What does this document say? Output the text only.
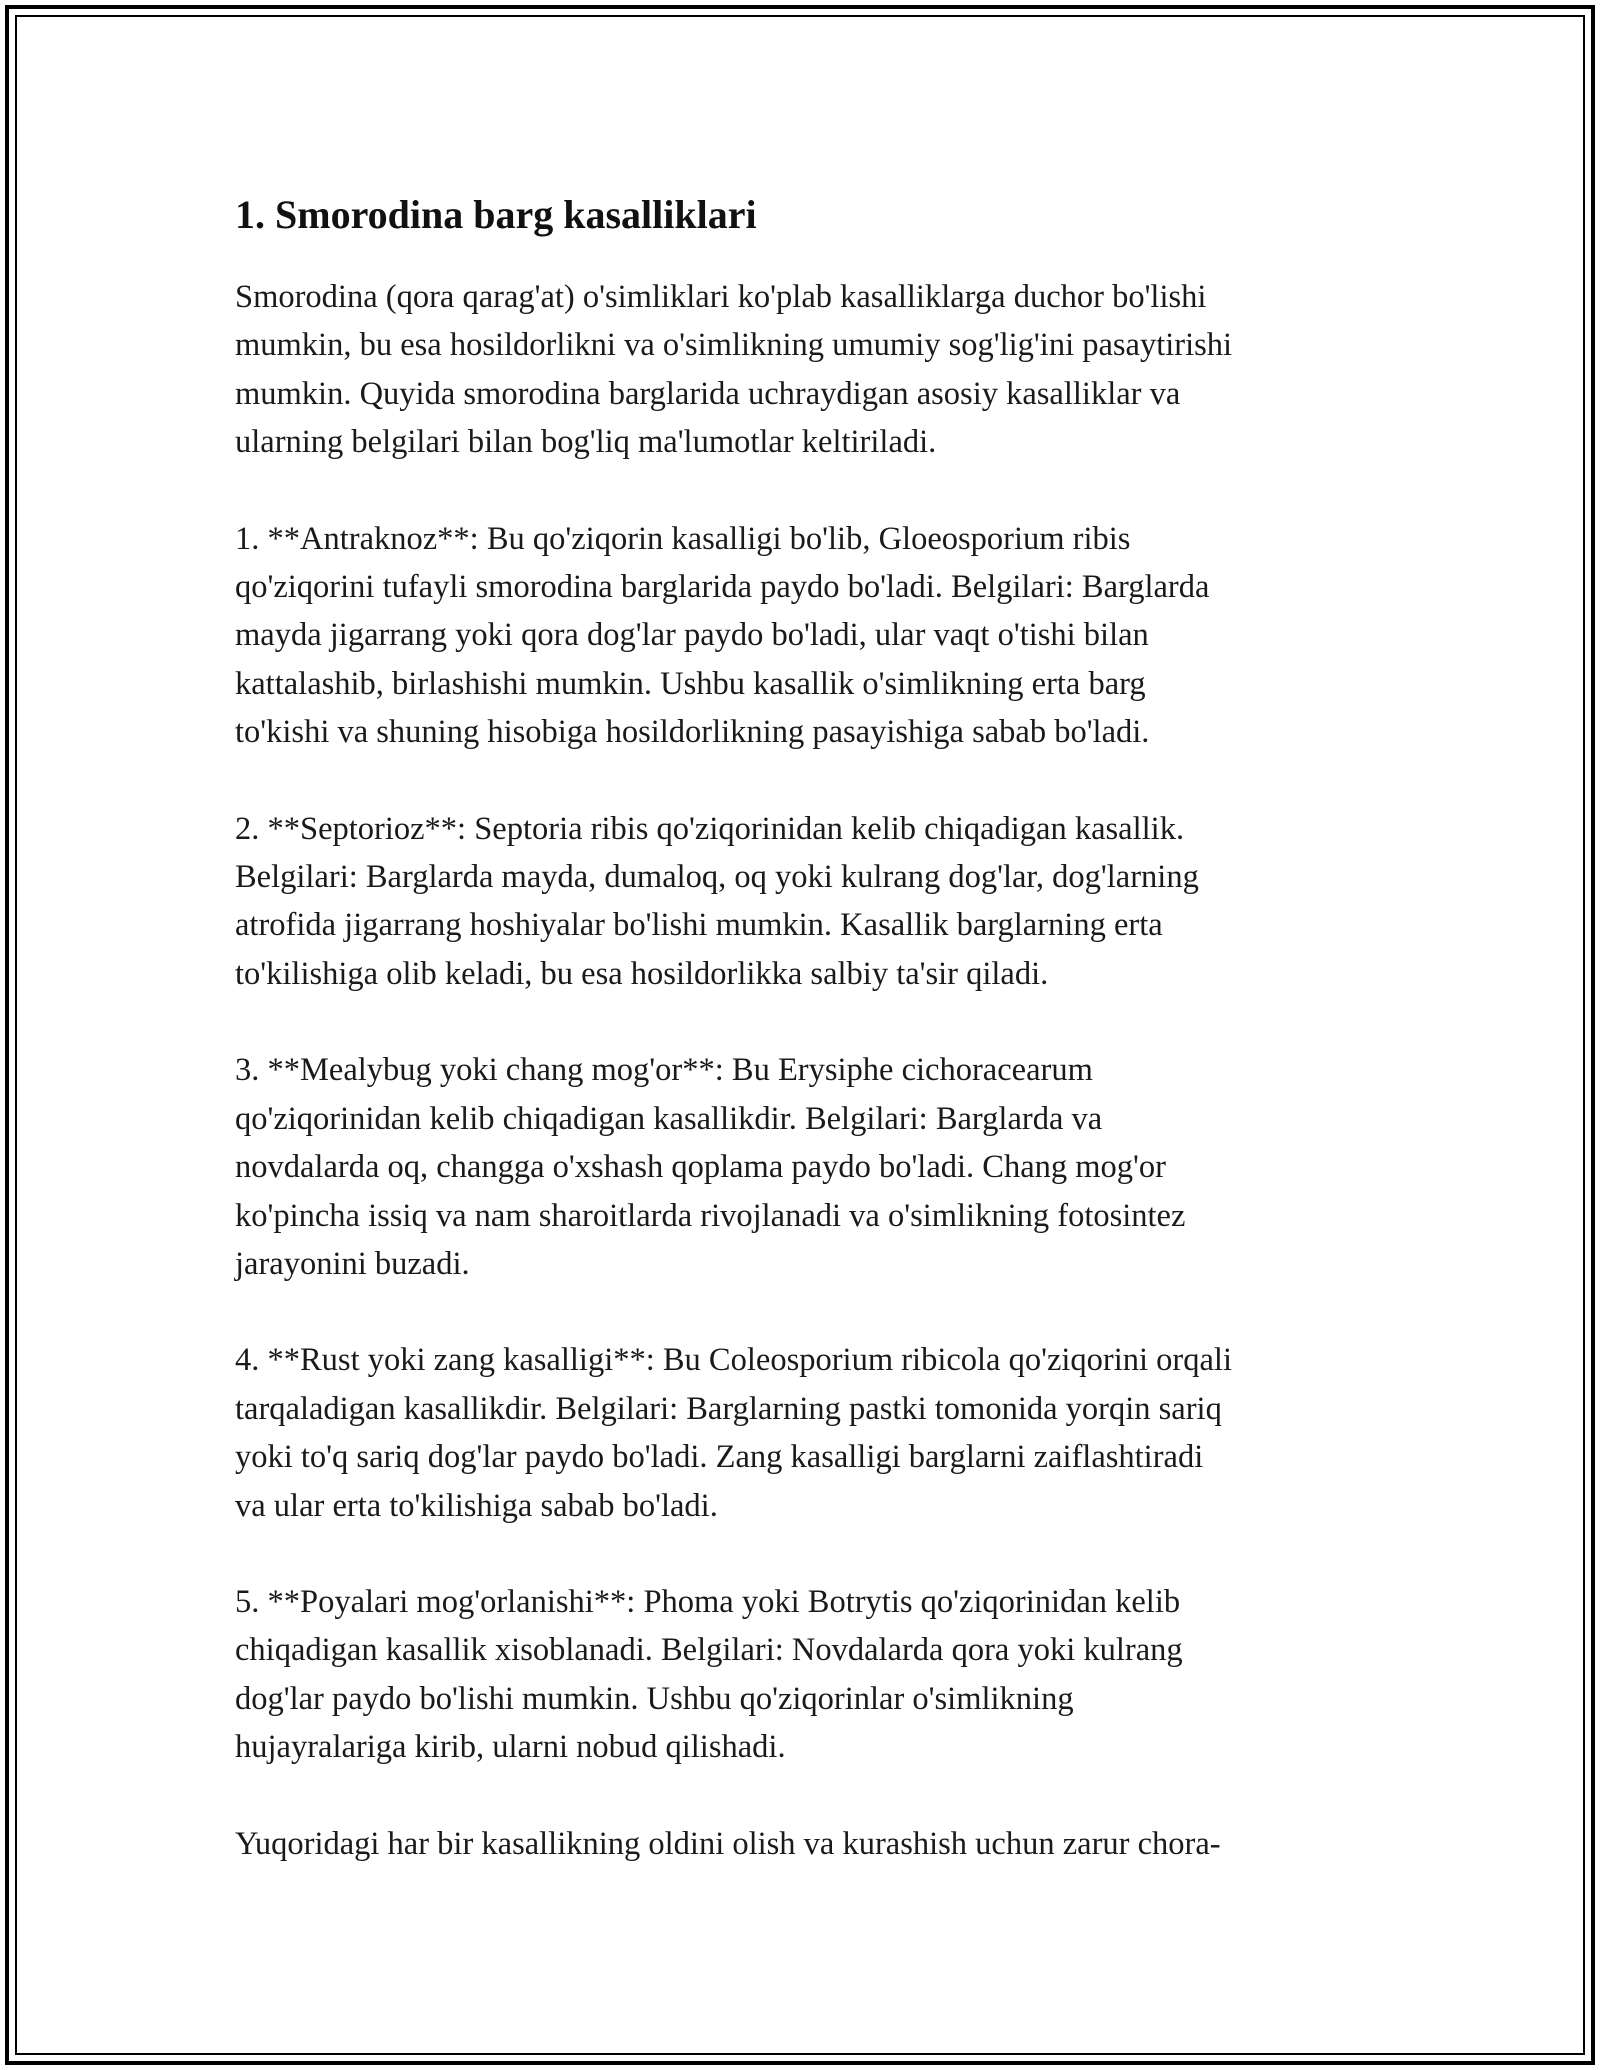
1. Smorodina barg kasalliklari

Smorodina (qora qarag'at) o'simliklari ko'plab kasalliklarga duchor bo'lishi
mumkin, bu esa hosildorlikni va o'simlikning umumiy sog'lig'ini pasaytirishi
mumkin. Quyida smorodina barglarida uchraydigan asosiy kasalliklar va
ularning belgilari bilan bog'liq ma'lumotlar keltiriladi.

1. **Antraknoz**: Bu qo'ziqorin kasalligi bo'lib, Gloeosporium ribis
qo'ziqorini tufayli smorodina barglarida paydo bo'ladi. Belgilari: Barglarda
mayda jigarrang yoki qora dog'lar paydo bo'ladi, ular vaqt o'tishi bilan
kattalashib, birlashishi mumkin. Ushbu kasallik o'simlikning erta barg
to'kishi va shuning hisobiga hosildorlikning pasayishiga sabab bo'ladi.

2. **Septorioz**: Septoria ribis qo'ziqorinidan kelib chiqadigan kasallik.
Belgilari: Barglarda mayda, dumaloq, oq yoki kulrang dog'lar, dog'larning
atrofida jigarrang hoshiyalar bo'lishi mumkin. Kasallik barglarning erta
to'kilishiga olib keladi, bu esa hosildorlikka salbiy ta'sir qiladi.

3. **Mealybug yoki chang mog'or**: Bu Erysiphe cichoracearum
qo'ziqorinidan kelib chiqadigan kasallikdir. Belgilari: Barglarda va
novdalarda oq, changga o'xshash qoplama paydo bo'ladi. Chang mog'or
ko'pincha issiq va nam sharoitlarda rivojlanadi va o'simlikning fotosintez
jarayonini buzadi.

4. **Rust yoki zang kasalligi**: Bu Coleosporium ribicola qo'ziqorini orqali
tarqaladigan kasallikdir. Belgilari: Barglarning pastki tomonida yorqin sariq
yoki to'q sariq dog'lar paydo bo'ladi. Zang kasalligi barglarni zaiflashtiradi
va ular erta to'kilishiga sabab bo'ladi.

5. **Poyalari mog'orlanishi**: Phoma yoki Botrytis qo'ziqorinidan kelib
chiqadigan kasallik xisoblanadi. Belgilari: Novdalarda qora yoki kulrang
dog'lar paydo bo'lishi mumkin. Ushbu qo'ziqorinlar o'simlikning
hujayralariga kirib, ularni nobud qilishadi.

Yuqoridagi har bir kasallikning oldini olish va kurashish uchun zarur chora-
